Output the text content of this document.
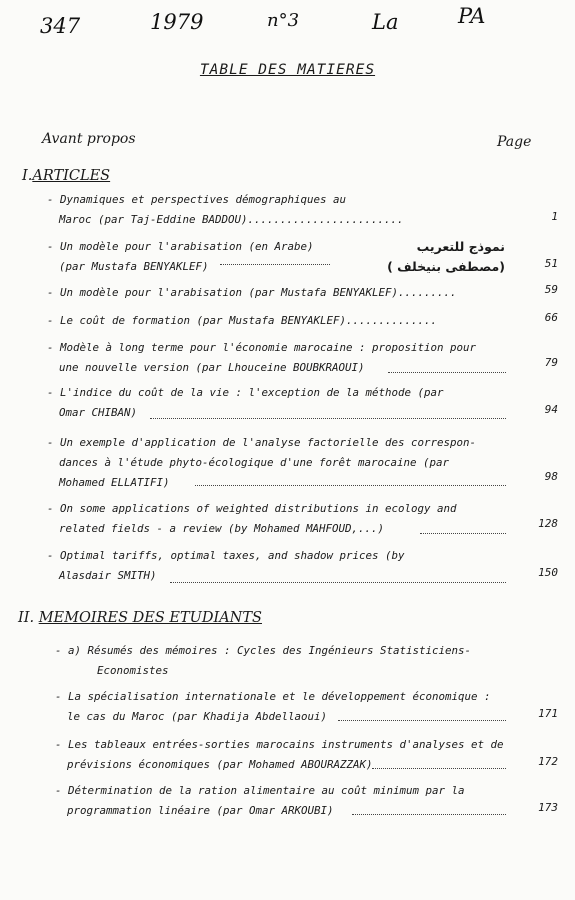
347	1979	n°3	La	PA
TABLE DES MATIERES
Avant propos	Page
I.ARTICLES
- Dynamiques et perspectives démographiques au
Maroc (par Taj-Eddine BADDOU)........................	1
- Un modèle pour l'arabisation (en Arabe)
(par Mustafa BENYAKLEF)
نموذج للتعريب
(مصطفى بنيخلف )	51
- Un modèle pour l'arabisation (par Mustafa BENYAKLEF).........	59
- Le coût de formation (par Mustafa BENYAKLEF)..............	66
- Modèle à long terme pour l'économie marocaine : proposition pour
une nouvelle version (par Lhouceine BOUBKRAOUI)	79
- L'indice du coût de la vie : l'exception de la méthode (par
Omar CHIBAN)	94
- Un exemple d'application de l'analyse factorielle des correspon-
dances à l'étude phyto-écologique d'une forêt marocaine (par
Mohamed ELLATIFI)	98
- On some applications of weighted distributions in ecology and
related fields - a review (by Mohamed MAHFOUD,...)	128
- Optimal tariffs, optimal taxes, and shadow prices (by
Alasdair SMITH)	150
II. MEMOIRES DES ETUDIANTS
- a) Résumés des mémoires : Cycles des Ingénieurs Statisticiens-
Economistes
- La spécialisation internationale et le développement économique :
le cas du Maroc (par Khadija Abdellaoui)	171
- Les tableaux entrées-sorties marocains instruments d'analyses et de
prévisions économiques (par Mohamed ABOURAZZAK)	172
- Détermination de la ration alimentaire au coût minimum par la
programmation linéaire (par Omar ARKOUBI)	173
